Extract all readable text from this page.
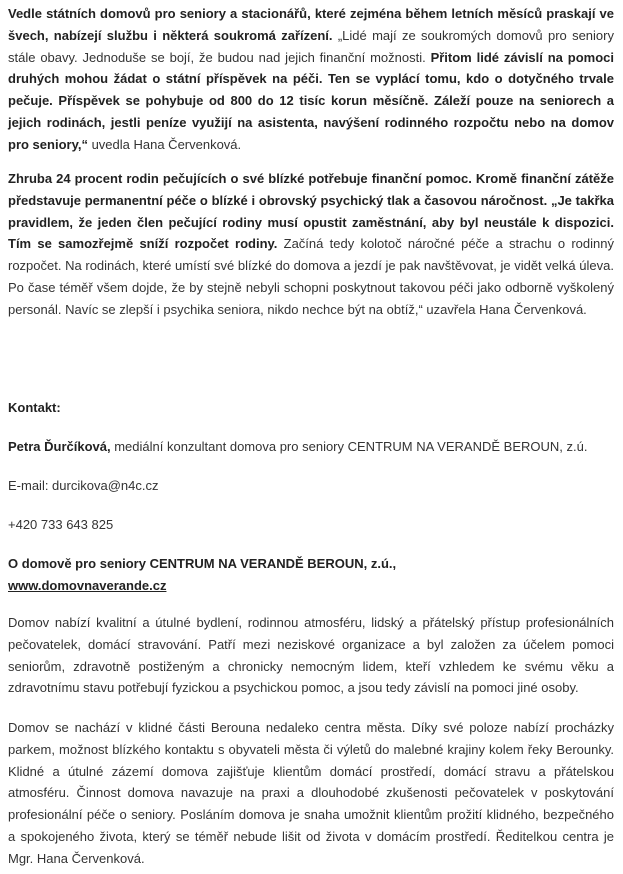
Vedle státních domovů pro seniory a stacionářů, které zejména během letních měsíců praskají ve švech, nabízejí službu i některá soukromá zařízení. „Lidé mají ze soukromých domovů pro seniory stále obavy. Jednoduše se bojí, že budou nad jejich finanční možnosti. Přitom lidé závislí na pomoci druhých mohou žádat o státní příspěvek na péči. Ten se vyplácí tomu, kdo o dotyčného trvale pečuje. Příspěvek se pohybuje od 800 do 12 tisíc korun měsíčně. Záleží pouze na seniorech a jejich rodinách, jestli peníze využijí na asistenta, navýšení rodinného rozpočtu nebo na domov pro seniory,“ uvedla Hana Červenková.

Zhruba 24 procent rodin pečujících o své blízké potřebuje finanční pomoc. Kromě finanční zátěže představuje permanentní péče o blízké i obrovský psychický tlak a časovou náročnost. „Je takřka pravidlem, že jeden člen pečující rodiny musí opustit zaměstnání, aby byl neustále k dispozici. Tím se samozřejmě sníží rozpočet rodiny. Začíná tedy kolotoč náročné péče a strachu o rodinný rozpočet. Na rodinách, které umístí své blízké do domova a jezdí je pak navštěvovat, je vidět velká úleva. Po čase téměř všem dojde, že by stejně nebyli schopni poskytnout takovou péči jako odborně vyškolený personál. Navíc se zlepší i psychika seniora, nikdo nechce být na obtíž,“ uzavřela Hana Červenková.

Kontakt:

Petra Ďurčíková, mediální konzultant domova pro seniory CENTRUM NA VERANDĚ BEROUN, z.ú.

E-mail: durcikova@n4c.cz

+420 733 643 825

O domově pro seniory CENTRUM NA VERANDĚ BEROUN, z.ú.,

www.domovnaverande.cz

Domov nabízí kvalitní a útulné bydlení, rodinnou atmosféru, lidský a přátelský přístup profesionálních pečovatelek, domácí stravování. Patří mezi neziskové organizace a byl založen za účelem pomoci seniorům, zdravotně postiženým a chronicky nemocným lidem, kteří vzhledem ke svému věku a zdravotnímu stavu potřebují fyzickou a psychickou pomoc, a jsou tedy závislí na pomoci jiné osoby.

Domov se nachází v klidné části Berouna nedaleko centra města. Díky své poloze nabízí procházky parkem, možnost blízkého kontaktu s obyvateli města či výletů do malebné krajiny kolem řeky Berounky. Klidné a útulné zázemí domova zajišťuje klientům domácí prostředí, domácí stravu a přátelskou atmosféru. Činnost domova navazuje na praxi a dlouhodobé zkušenosti pečovatelek v poskytování profesionální péče o seniory. Posláním domova je snaha umožnit klientům prožití klidného, bezpečného a spokojeného života, který se téměř nebude lišit od života v domácím prostředí. Ředitelkou centra je Mgr. Hana Červenková.
